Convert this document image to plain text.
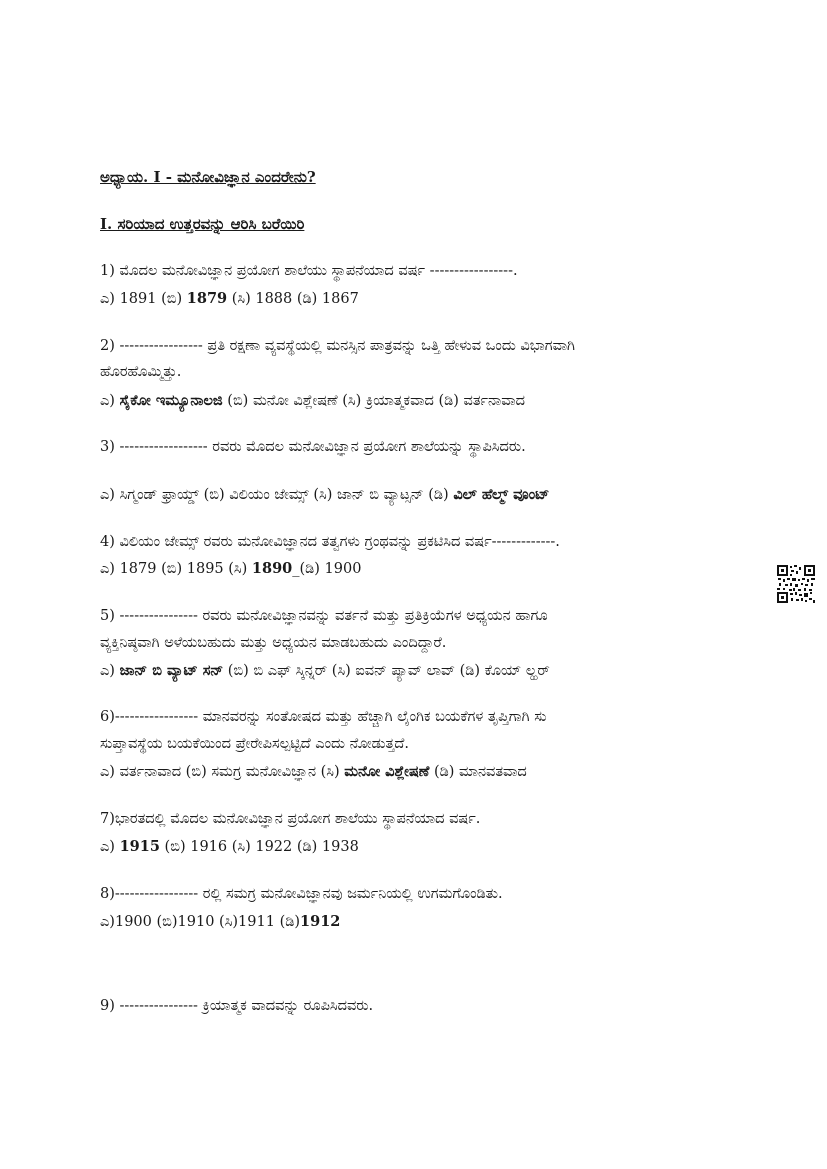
ಅಧ್ಯಾಯ. I - ಮನೋವಿಜ್ಞಾನ ಎಂದರೇನು?
I. ಸರಿಯಾದ ಉತ್ತರವನ್ನು ಆರಿಸಿ ಬರೆಯಿರಿ
1) ಮೊದಲ ಮನೋವಿಜ್ಞಾನ ಪ್ರಯೋಗ ಶಾಲೆಯು ಸ್ಥಾಪನೆಯಾದ ವರ್ಷ -----------------.
ಎ) 1891 (ಬಿ) 1879 (ಸಿ) 1888 (ಡಿ) 1867
2) ----------------- ಪ್ರತಿ ರಕ್ಷಣಾ ವ್ಯವಸ್ಥೆಯಲ್ಲಿ ಮನಸ್ಸಿನ ಪಾತ್ರವನ್ನು ಒತ್ತಿ ಹೇಳುವ ಒಂದು ವಿಭಾಗವಾಗಿ
ಹೊರಹೊಮ್ಮಿತ್ತು.
ಎ) ಸೈಕೋ ಇಮ್ಯೂನಾಲಜಿ (ಬಿ) ಮನೋ ವಿಶ್ಲೇಷಣೆ (ಸಿ) ಕ್ರಿಯಾತ್ಮಕವಾದ (ಡಿ) ವರ್ತನಾವಾದ
3) ------------------ ರವರು ಮೊದಲ ಮನೋವಿಜ್ಞಾನ ಪ್ರಯೋಗ ಶಾಲೆಯನ್ನು ಸ್ಥಾಪಿಸಿದರು.
ಎ) ಸಿಗ್ಮಂಡ್ ಫ್ರಾಯ್ಡ್ (ಬಿ) ವಿಲಿಯಂ ಜೇಮ್ಸ್ (ಸಿ) ಜಾನ್ ಬಿ ವ್ಯಾಟ್ಸನ್ (ಡಿ) ವಿಲ್ ಹೆಲ್ಮ್ ವೂಂಟ್
4) ವಿಲಿಯಂ ಜೇಮ್ಸ್ ರವರು ಮನೋವಿಜ್ಞಾನದ ತತ್ವಗಳು ಗ್ರಂಥವನ್ನು ಪ್ರಕಟಿಸಿದ ವರ್ಷ-------------.
ಎ) 1879 (ಬಿ) 1895 (ಸಿ) 1890_(ಡಿ) 1900
5) ---------------- ರವರು ಮನೋವಿಜ್ಞಾನವನ್ನು ವರ್ತನೆ ಮತ್ತು ಪ್ರತಿಕ್ರಿಯೆಗಳ ಅಧ್ಯಯನ ಹಾಗೂ
ವ್ಯಕ್ತಿನಿಷ್ಠವಾಗಿ ಅಳೆಯಬಹುದು ಮತ್ತು ಅಧ್ಯಯನ ಮಾಡಬಹುದು ಎಂದಿದ್ದಾರೆ.
ಎ) ಜಾನ್ ಬಿ ವ್ಯಾಟ್ ಸನ್ (ಬಿ) ಬಿ ಎಫ್ ಸ್ಕಿನ್ನರ್ (ಸಿ) ಐವನ್ ಪ್ಯಾವ್ ಲಾವ್ (ಡಿ) ಕೊಯ್ ಲ್ಹರ್
6)----------------- ಮಾನವರನ್ನು ಸಂತೋಷದ ಮತ್ತು ಹೆಚ್ಚಾಗಿ ಲೈಂಗಿಕ ಬಯಕೆಗಳ ತೃಪ್ತಿಗಾಗಿ ಸು
ಸುಪ್ತಾವಸ್ಥೆಯ ಬಯಕೆಯಿಂದ ಪ್ರೇರೇಪಿಸಲ್ಪಟ್ಟಿದೆ ಎಂದು ನೋಡುತ್ತದೆ.
ಎ) ವರ್ತನಾವಾದ (ಬಿ) ಸಮಗ್ರ ಮನೋವಿಜ್ಞಾನ (ಸಿ) ಮನೋ ವಿಶ್ಲೇಷಣೆ (ಡಿ) ಮಾನವತವಾದ
7)ಭಾರತದಲ್ಲಿ ಮೊದಲ ಮನೋವಿಜ್ಞಾನ ಪ್ರಯೋಗ ಶಾಲೆಯು ಸ್ಥಾಪನೆಯಾದ ವರ್ಷ.
ಎ) 1915 (ಬಿ) 1916 (ಸಿ) 1922 (ಡಿ) 1938
8)----------------- ರಲ್ಲಿ ಸಮಗ್ರ ಮನೋವಿಜ್ಞಾನವು ಜರ್ಮನಿಯಲ್ಲಿ ಉಗಮಗೊಂಡಿತು.
ಎ)1900 (ಬಿ)1910 (ಸಿ)1911 (ಡಿ)1912
9) ---------------- ಕ್ರಿಯಾತ್ಮಕ ವಾದವನ್ನು ರೂಪಿಸಿದವರು.
